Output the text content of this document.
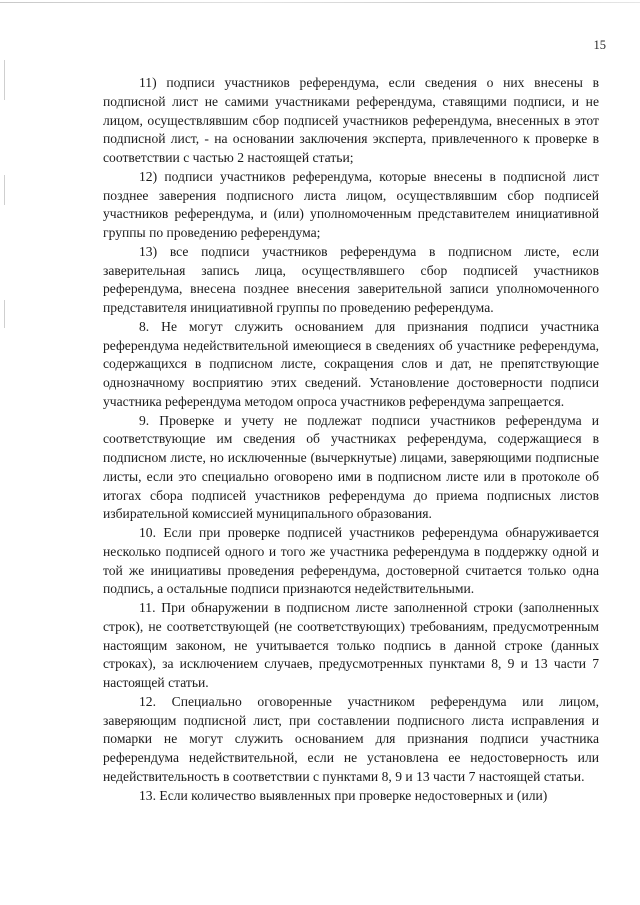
15

11) подписи участников референдума, если сведения о них внесены в подписной лист не самими участниками референдума, ставящими подписи, и не лицом, осуществлявшим сбор подписей участников референдума, внесенных в этот подписной лист, - на основании заключения эксперта, привлеченного к проверке в соответствии с частью 2 настоящей статьи;

12) подписи участников референдума, которые внесены в подписной лист позднее заверения подписного листа лицом, осуществлявшим сбор подписей участников референдума, и (или) уполномоченным представителем инициативной группы по проведению референдума;

13) все подписи участников референдума в подписном листе, если заверительная запись лица, осуществлявшего сбор подписей участников референдума, внесена позднее внесения заверительной записи уполномоченного представителя инициативной группы по проведению референдума.

8. Не могут служить основанием для признания подписи участника референдума недействительной имеющиеся в сведениях об участнике референдума, содержащихся в подписном листе, сокращения слов и дат, не препятствующие однозначному восприятию этих сведений. Установление достоверности подписи участника референдума методом опроса участников референдума запрещается.

9. Проверке и учету не подлежат подписи участников референдума и соответствующие им сведения об участниках референдума, содержащиеся в подписном листе, но исключенные (вычеркнутые) лицами, заверяющими подписные листы, если это специально оговорено ими в подписном листе или в протоколе об итогах сбора подписей участников референдума до приема подписных листов избирательной комиссией муниципального образования.

10. Если при проверке подписей участников референдума обнаруживается несколько подписей одного и того же участника референдума в поддержку одной и той же инициативы проведения референдума, достоверной считается только одна подпись, а остальные подписи признаются недействительными.

11. При обнаружении в подписном листе заполненной строки (заполненных строк), не соответствующей (не соответствующих) требованиям, предусмотренным настоящим законом, не учитывается только подпись в данной строке (данных строках), за исключением случаев, предусмотренных пунктами 8, 9 и 13 части 7 настоящей статьи.

12. Специально оговоренные участником референдума или лицом, заверяющим подписной лист, при составлении подписного листа исправления и помарки не могут служить основанием для признания подписи участника референдума недействительной, если не установлена ее недостоверность или недействительность в соответствии с пунктами 8, 9 и 13 части 7 настоящей статьи.

13. Если количество выявленных при проверке недостоверных и (или)
